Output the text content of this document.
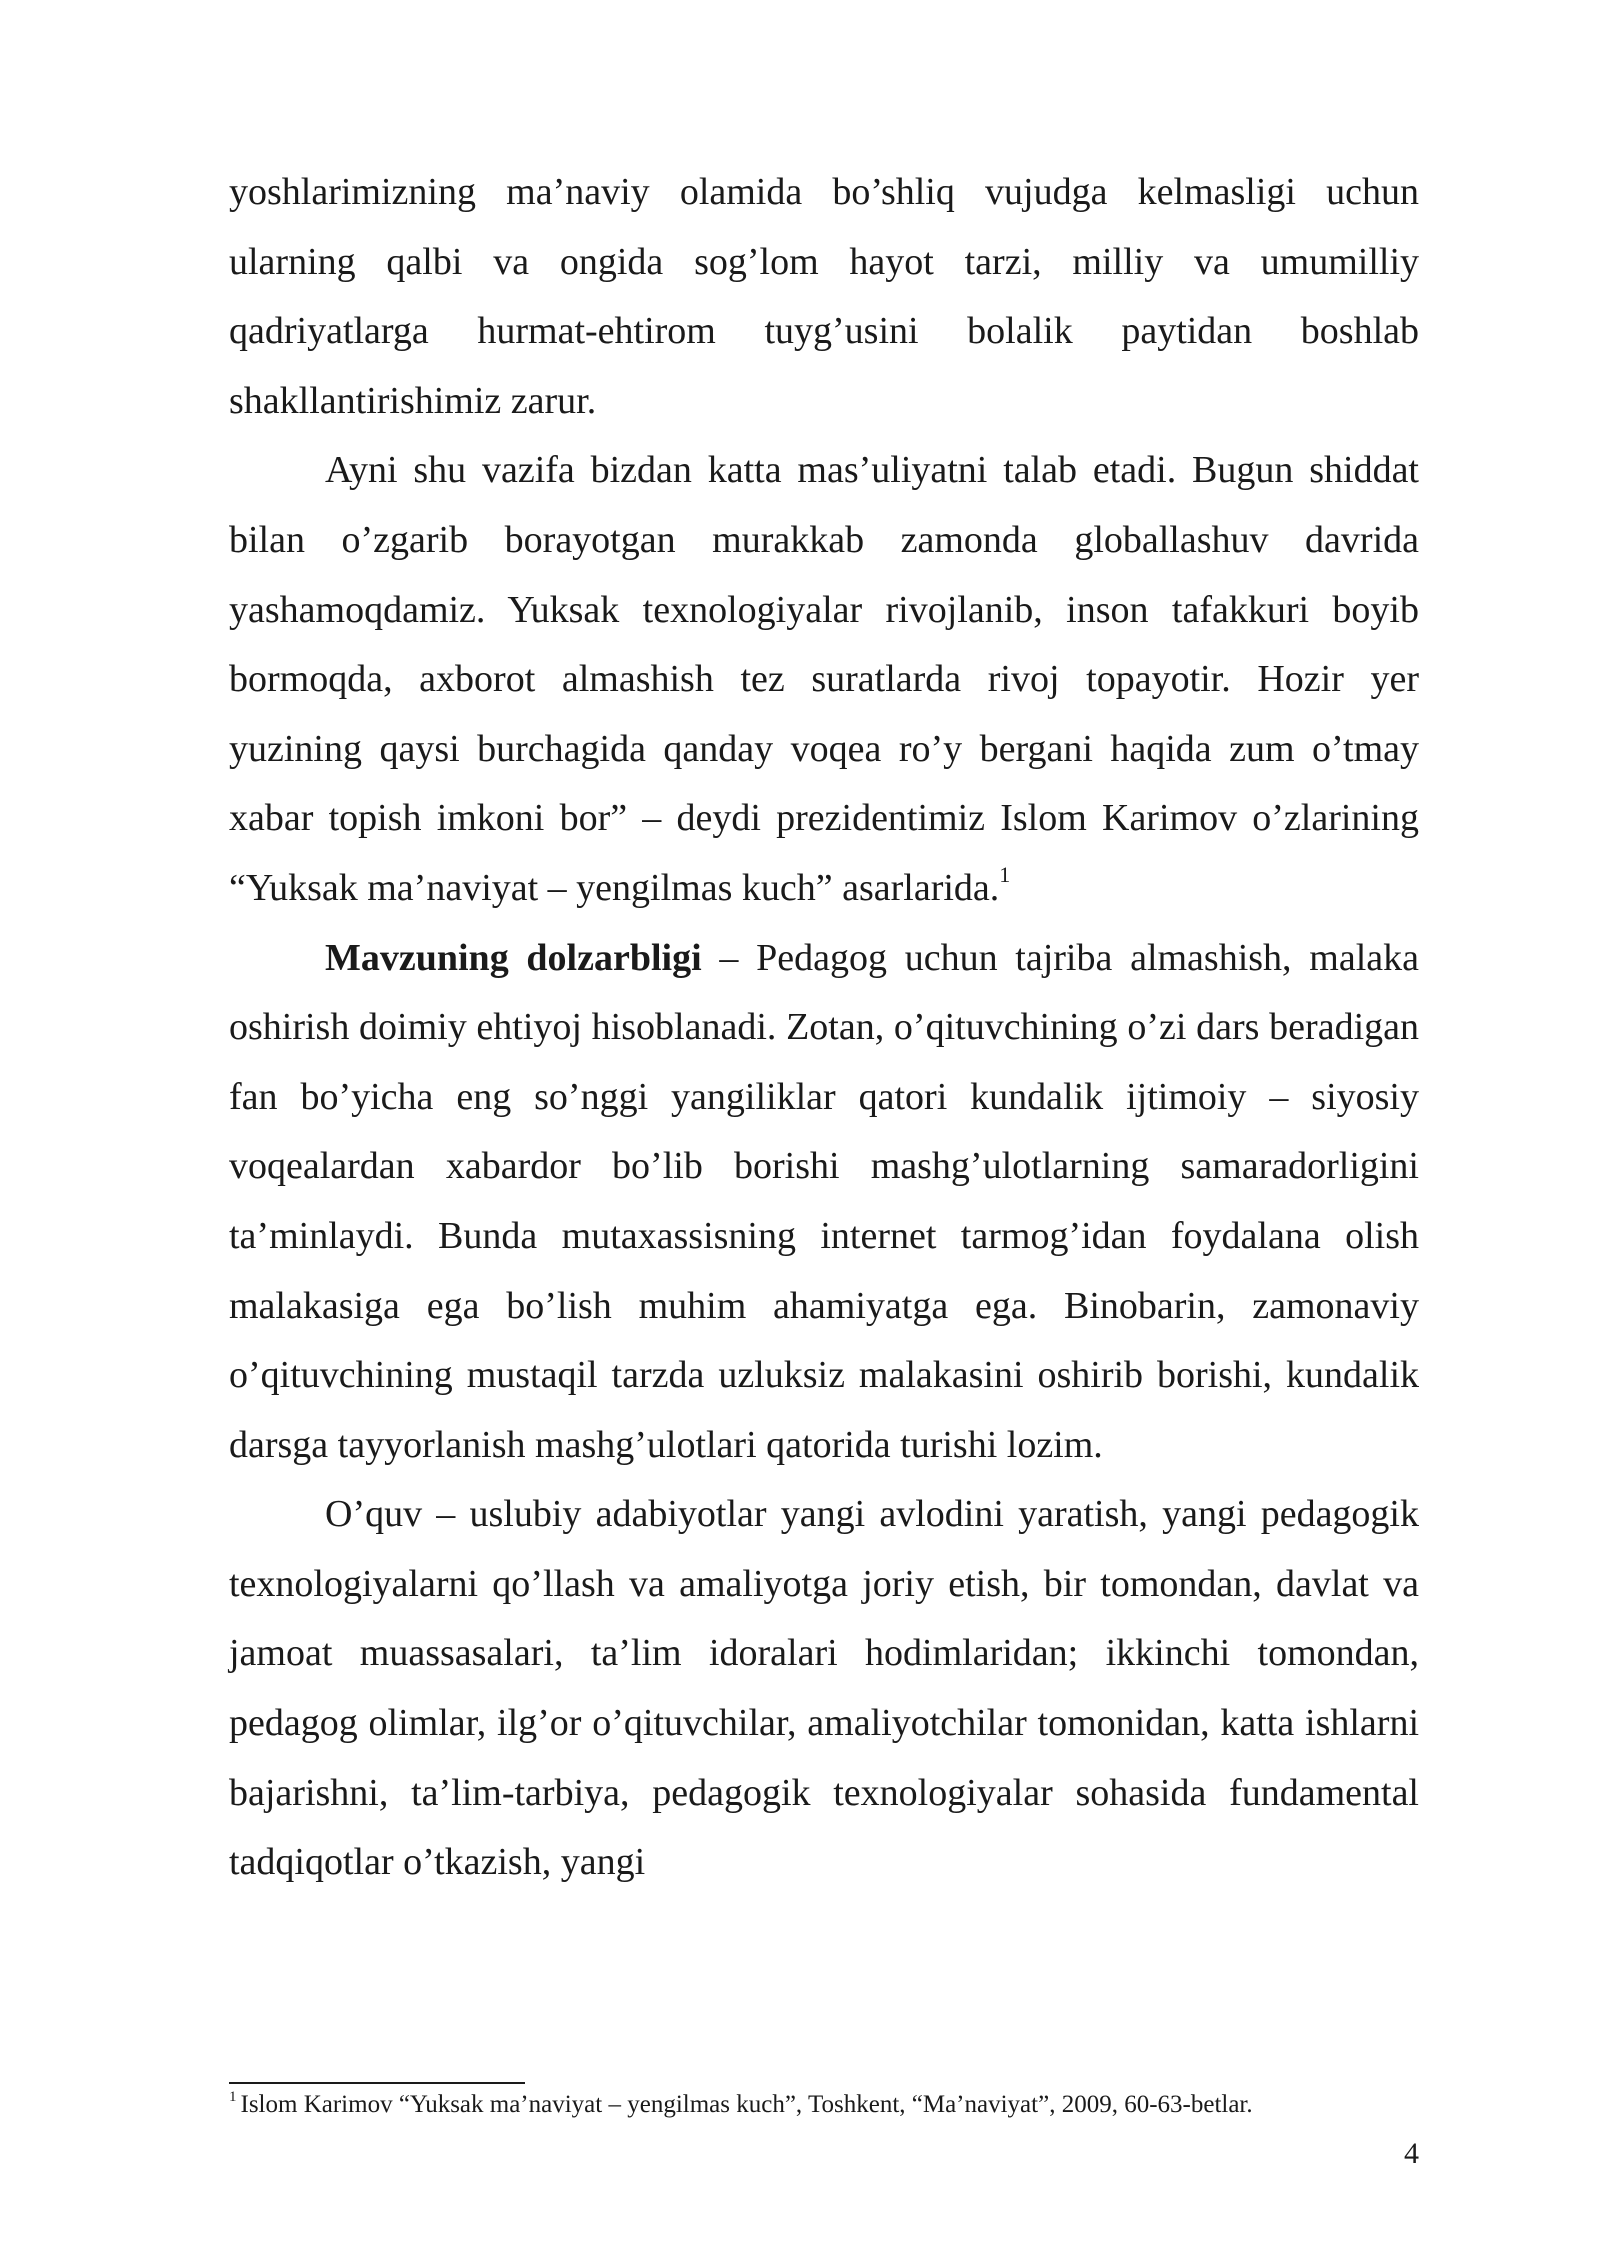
yoshlarimizning ma’naviy olamida bo’shliq vujudga kelmasligi uchun ularning qalbi va ongida sog’lom hayot tarzi, milliy va umumilliy qadriyatlarga hurmat-ehtirom tuyg’usini bolalik paytidan boshlab shakllantirishimiz zarur.

Ayni shu vazifa bizdan katta mas’uliyatni talab etadi. Bugun shiddat bilan o’zgarib borayotgan murakkab zamonda globallashuv davrida yashamoqdamiz. Yuksak texnologiyalar rivojlanib, inson tafakkuri boyib bormoqda, axborot almashish tez suratlarda rivoj topayotir. Hozir yer yuzining qaysi burchagida qanday voqea ro’y bergani haqida zum o’tmay xabar topish imkoni bor” – deydi prezidentimiz Islom Karimov o’zlarining “Yuksak ma’naviyat – yengilmas kuch” asarlarida.$^1$

Mavzuning dolzarbligi – Pedagog uchun tajriba almashish, malaka oshirish doimiy ehtiyoj hisoblanadi. Zotan, o’qituvchining o’zi dars beradigan fan bo’yicha eng so’nggi yangiliklar qatori kundalik ijtimoiy – siyosiy voqealardan xabardor bo’lib borishi mashg’ulotlarning samaradorligini ta’minlaydi. Bunda mutaxassisning internet tarmog’idan foydalana olish malakasiga ega bo’lish muhim ahamiyatga ega. Binobarin, zamonaviy o’qituvchining mustaqil tarzda uzluksiz malakasini oshirib borishi, kundalik darsga tayyorlanish mashg’ulotlari qatorida turishi lozim.

O’quv – uslubiy adabiyotlar yangi avlodini yaratish, yangi pedagogik texnologiyalarni qo’llash va amaliyotga joriy etish, bir tomondan, davlat va jamoat muassasalari, ta’lim idoralari hodimlaridan; ikkinchi tomondan, pedagog olimlar, ilg’or o’qituvchilar, amaliyotchilar tomonidan, katta ishlarni bajarishni, ta’lim-tarbiya, pedagogik texnologiyalar sohasida fundamental tadqiqotlar o’tkazish, yangi

$^1$ Islom Karimov “Yuksak ma’naviyat – yengilmas kuch”, Toshkent, “Ma’naviyat”, 2009, 60-63-betlar.
4
